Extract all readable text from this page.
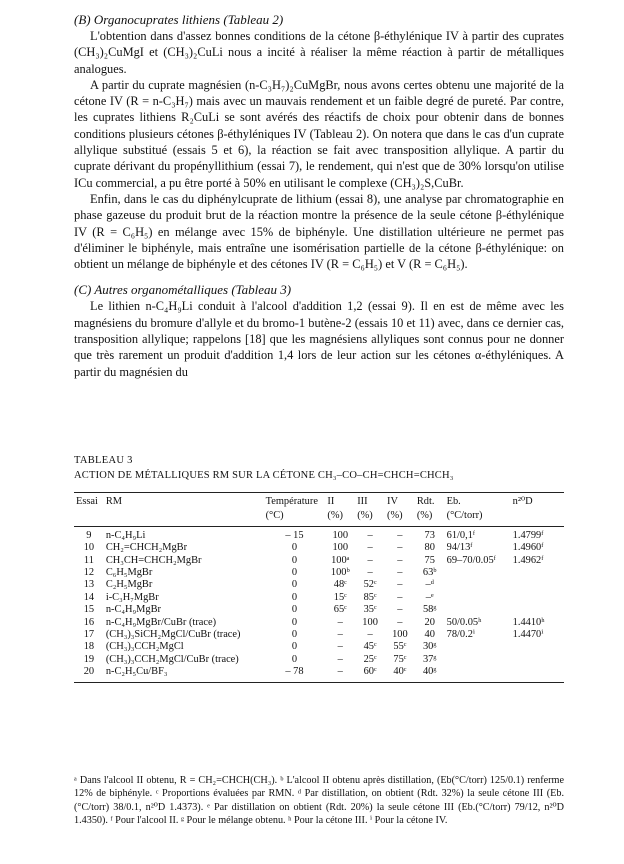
(B) Organocuprates lithiens (Tableau 2)

L'obtention dans d'assez bonnes conditions de la cétone β-éthylénique IV à partir des cuprates (CH₃)₂CuMgI et (CH₃)₂CuLi nous a incité à réaliser la même réaction à partir de métalliques analogues.

A partir du cuprate magnésien (n-C₃H₇)₂CuMgBr, nous avons certes obtenu une majorité de la cétone IV (R = n-C₃H₇) mais avec un mauvais rendement et un faible degré de pureté. Par contre, les cuprates lithiens R₂CuLi se sont avérés des réactifs de choix pour obtenir dans de bonnes conditions plusieurs cétones β-éthyléniques IV (Tableau 2). On notera que dans le cas d'un cuprate allylique substitué (essais 5 et 6), la réaction se fait avec transposition allylique. A partir du cuprate dérivant du propényllithium (essai 7), le rendement, qui n'est que de 30% lorsqu'on utilise ICu commercial, a pu être porté à 50% en utilisant le complexe (CH₃)₂S,CuBr.

Enfin, dans le cas du diphénylcuprate de lithium (essai 8), une analyse par chromatographie en phase gazeuse du produit brut de la réaction montre la présence de la seule cétone β-éthylénique IV (R = C₆H₅) en mélange avec 15% de biphényle. Une distillation ultérieure ne permet pas d'éliminer le biphényle, mais entraîne une isomérisation partielle de la cétone β-éthylénique: on obtient un mélange de biphényle et des cétones IV (R = C₆H₅) et V (R = C₆H₅).

(C) Autres organométalliques (Tableau 3)

Le lithien n-C₄H₉Li conduit à l'alcool d'addition 1,2 (essai 9). Il en est de même avec les magnésiens du bromure d'allyle et du bromo-1 butène-2 (essais 10 et 11) avec, dans ce dernier cas, transposition allylique; rappelons [18] que les magnésiens allyliques sont connus pour ne donner que très rarement un produit d'addition 1,4 lors de leur action sur les cétones α-éthyléniques. A partir du magnésien du

TABLEAU 3
ACTION DE MÉTALLIQUES RM SUR LA CÉTONE CH₃–CO–CH=CHCH=CHCH₃
Essai	RM	Température	II	III	IV	Rdt.	Eb.	n²⁰D
		(°C)	(%)	(%)	(%)	(%)	(°C/torr)	
9	n-C₄H₉Li	– 15	100	–	–	73	61/0,1ᶠ	1.4799ᶠ
10	CH₂=CHCH₂MgBr	0	100	–	–	80	94/13ᶠ	1.4960ᶠ
11	CH₃CH=CHCH₂MgBr	0	100ᵃ	–	–	75	69–70/0.05ᶠ	1.4962ᶠ
12	C₆H₅MgBr	0	100ᵇ	–	–	63ᵇ		
13	C₂H₅MgBr	0	48ᶜ	52ᶜ	–	–ᵈ		
14	i-C₃H₇MgBr	0	15ᶜ	85ᶜ	–	–ᵉ		
15	n-C₄H₉MgBr	0	65ᶜ	35ᶜ	–	58ᵍ		
16	n-C₄H₉MgBr/CuBr (trace)	0	–	100	–	20	50/0.05ʰ	1.4410ʰ
17	(CH₃)₃SiCH₂MgCl/CuBr (trace)	0	–	–	100	40	78/0.2ⁱ	1.4470ⁱ
18	(CH₃)₃CCH₂MgCl	0	–	45ᶜ	55ᶜ	30ᵍ		
19	(CH₃)₃CCH₂MgCl/CuBr (trace)	0	–	25ᶜ	75ᶜ	37ᵍ		
20	n-C₂H₅Cu/BF₃	– 78	–	60ᶜ	40ᶜ	40ᵍ		
ᵃ Dans l'alcool II obtenu, R = CH₂=CHCH(CH₃). ᵇ L'alcool II obtenu après distillation, (Eb(°C/torr) 125/0.1) renferme 12% de biphényle. ᶜ Proportions évaluées par RMN. ᵈ Par distillation, on obtient (Rdt. 32%) la seule cétone III (Eb.(°C/torr) 38/0.1, n²⁰D 1.4373). ᵉ Par distillation on obtient (Rdt. 20%) la seule cétone III (Eb.(°C/torr) 79/12, n²⁰D 1.4350). ᶠ Pour l'alcool II. ᵍ Pour le mélange obtenu. ʰ Pour la cétone III. ⁱ Pour la cétone IV.
